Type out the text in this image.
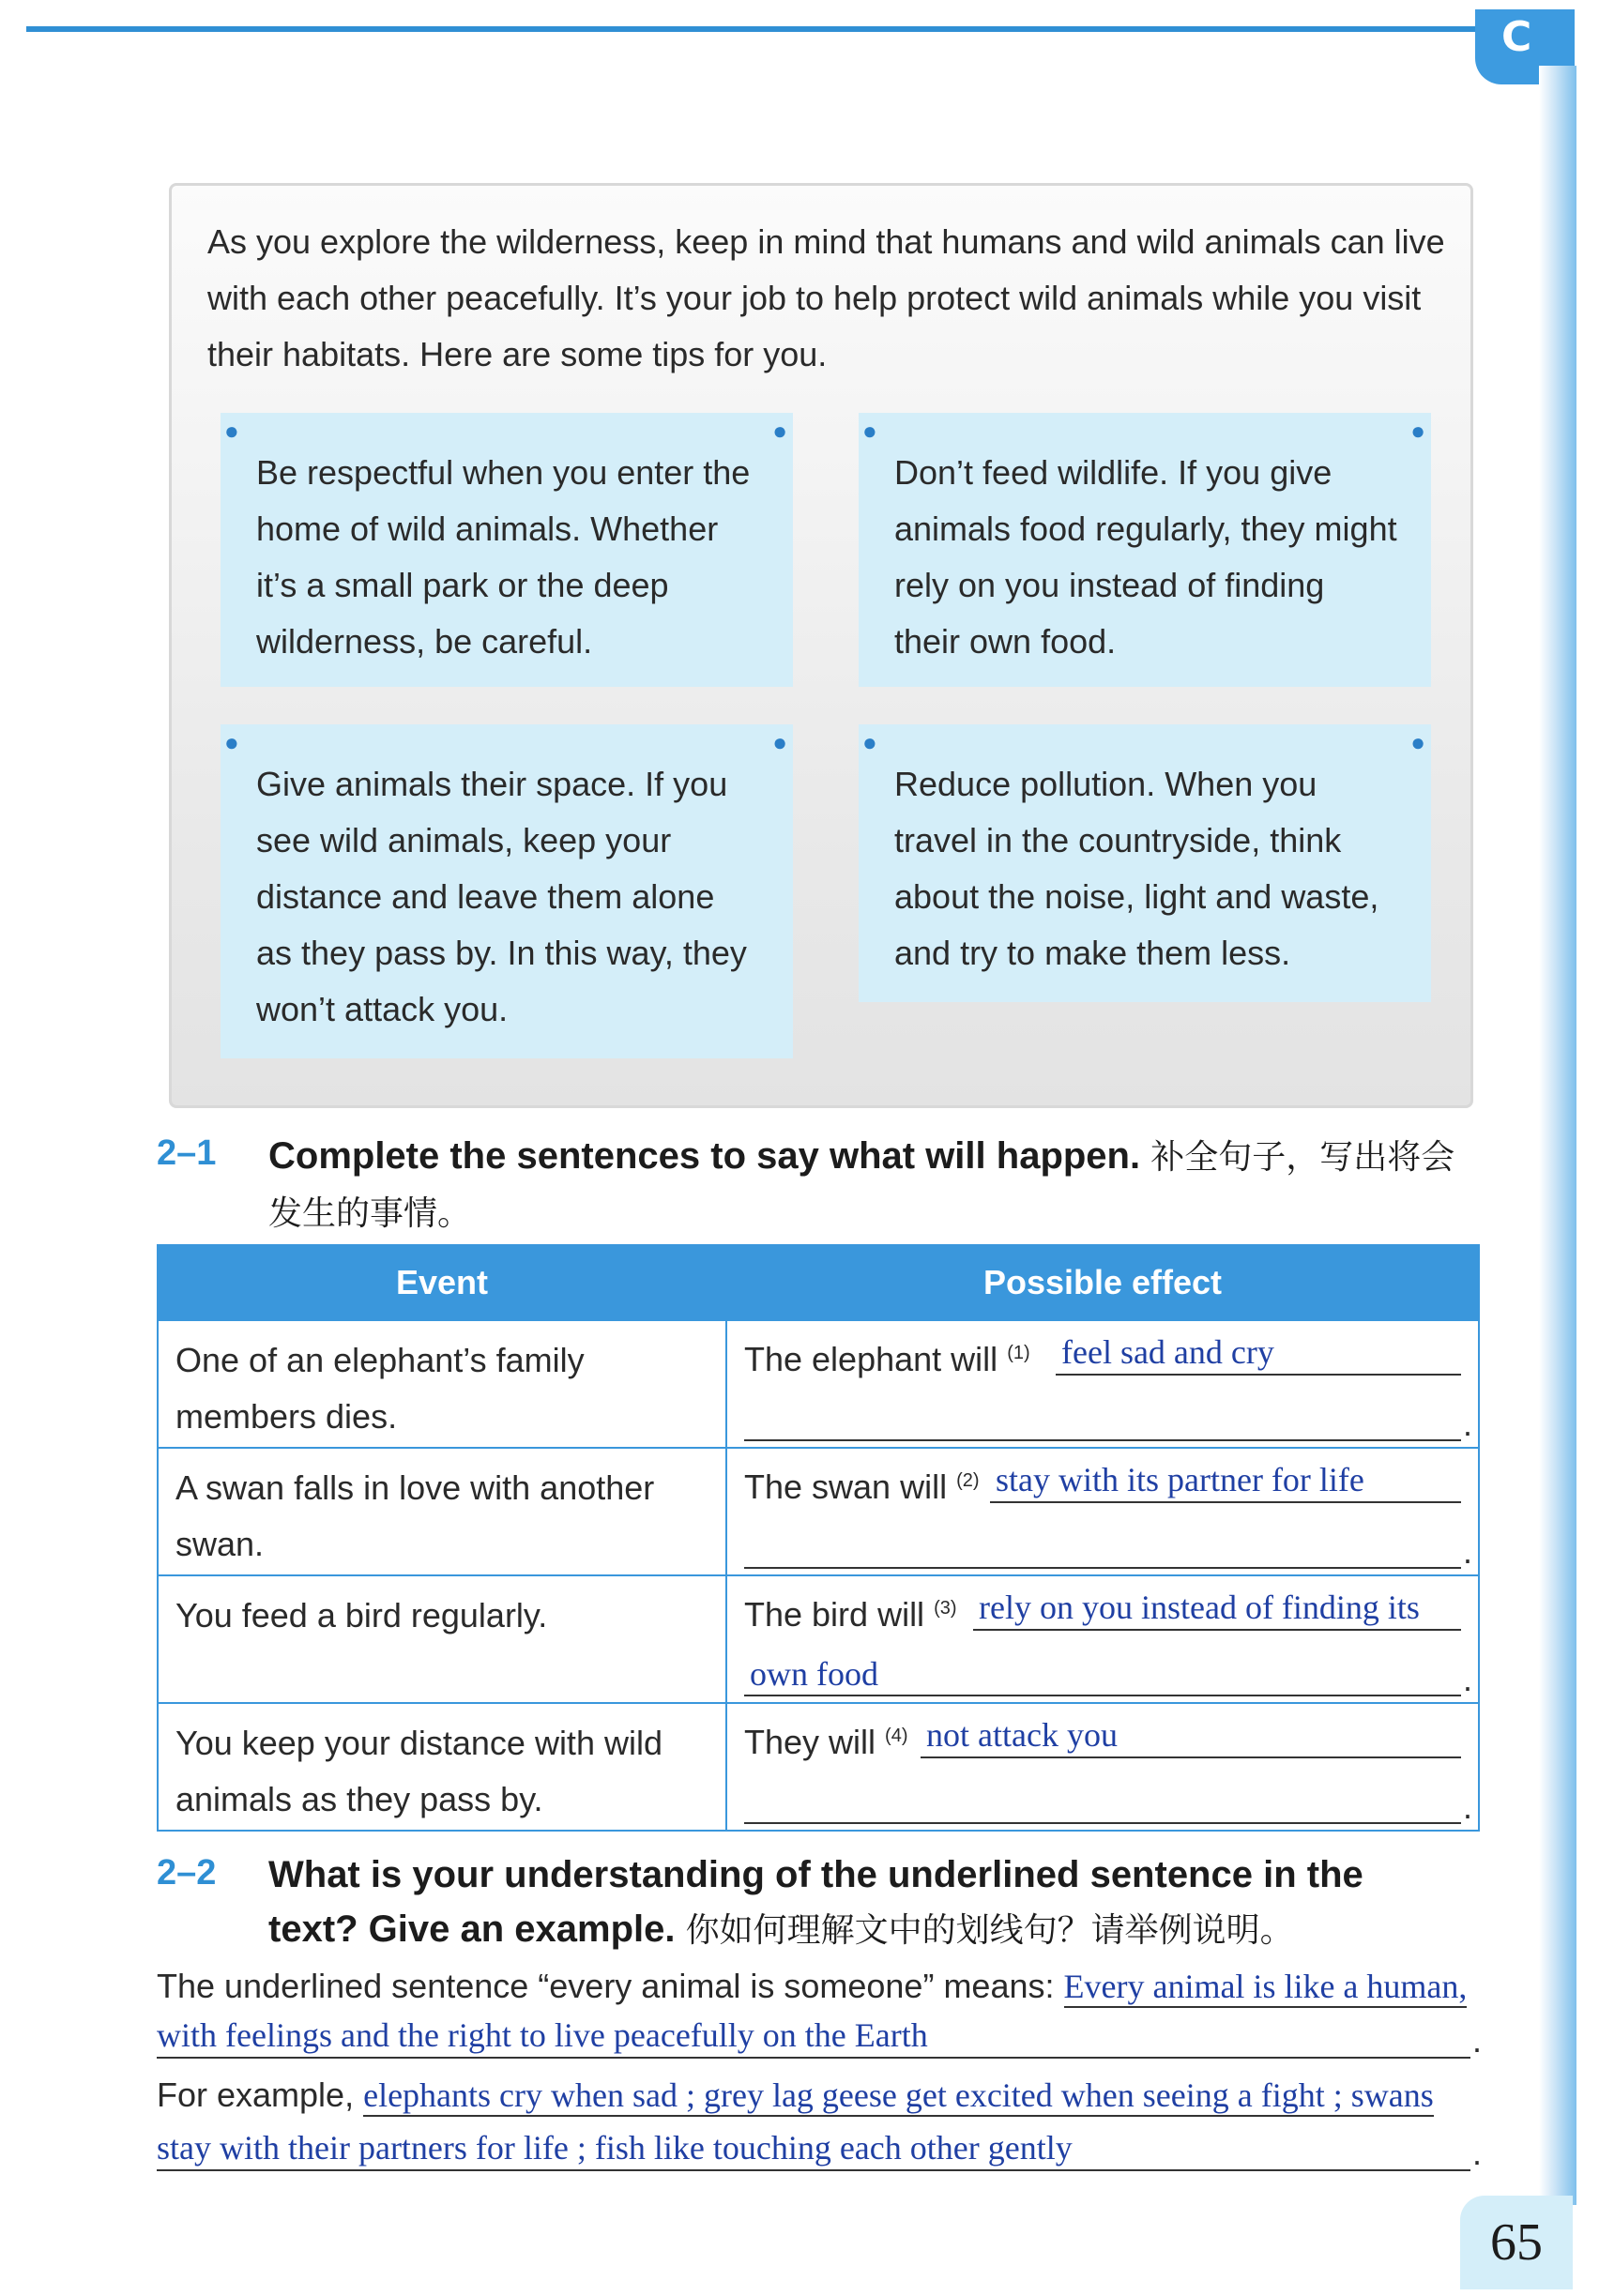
C

As you explore the wilderness, keep in mind that humans and wild animals can live with each other peacefully. It’s your job to help protect wild animals while you visit their habitats. Here are some tips for you.

●	●

Be respectful when you enter the home of wild animals. Whether it’s a small park or the deep wilderness, be careful.

●	●

Don’t feed wildlife. If you give animals food regularly, they might rely on you instead of finding their own food.

●	●

Give animals their space. If you see wild animals, keep your distance and leave them alone as they pass by. In this way, they won’t attack you.

●	●

Reduce pollution. When you travel in the countryside, think about the noise, light and waste, and try to make them less.

2–1 Complete the sentences to say what will happen. 补全句子，写出将会发生的事情。
Event	Possible effect
One of an elephant’s family members dies.	The elephant will $^{(1)}$ feel sad and cry
.

A swan falls in love with another swan.	The swan will $^{(2)}$ stay with its partner for life
.

You feed a bird regularly.	The bird will $^{(3)}$ rely on you instead of finding its
own food .

You keep your distance with wild animals as they pass by.	They will $^{(4)}$ not attack you
.
2–2 What is your understanding of the underlined sentence in the
text? Give an example. 你如何理解文中的划线句？请举例说明。
The underlined sentence “every animal is someone” means: Every animal is like a human,
with feelings and the right to live peacefully on the Earth .
For example, elephants cry when sad ; grey lag geese get excited when seeing a fight ; swans
stay with their partners for life ; fish like touching each other gently .
65
